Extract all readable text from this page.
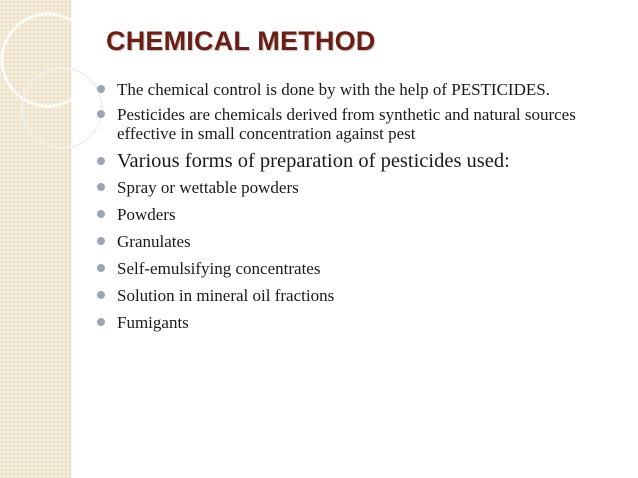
CHEMICAL METHOD
The chemical control is done by with the help of PESTICIDES.
Pesticides are chemicals derived from synthetic and natural sources effective in small concentration against pest
Various forms of preparation of pesticides used:
Spray or wettable powders
Powders
Granulates
Self-emulsifying concentrates
Solution in mineral oil fractions
Fumigants
